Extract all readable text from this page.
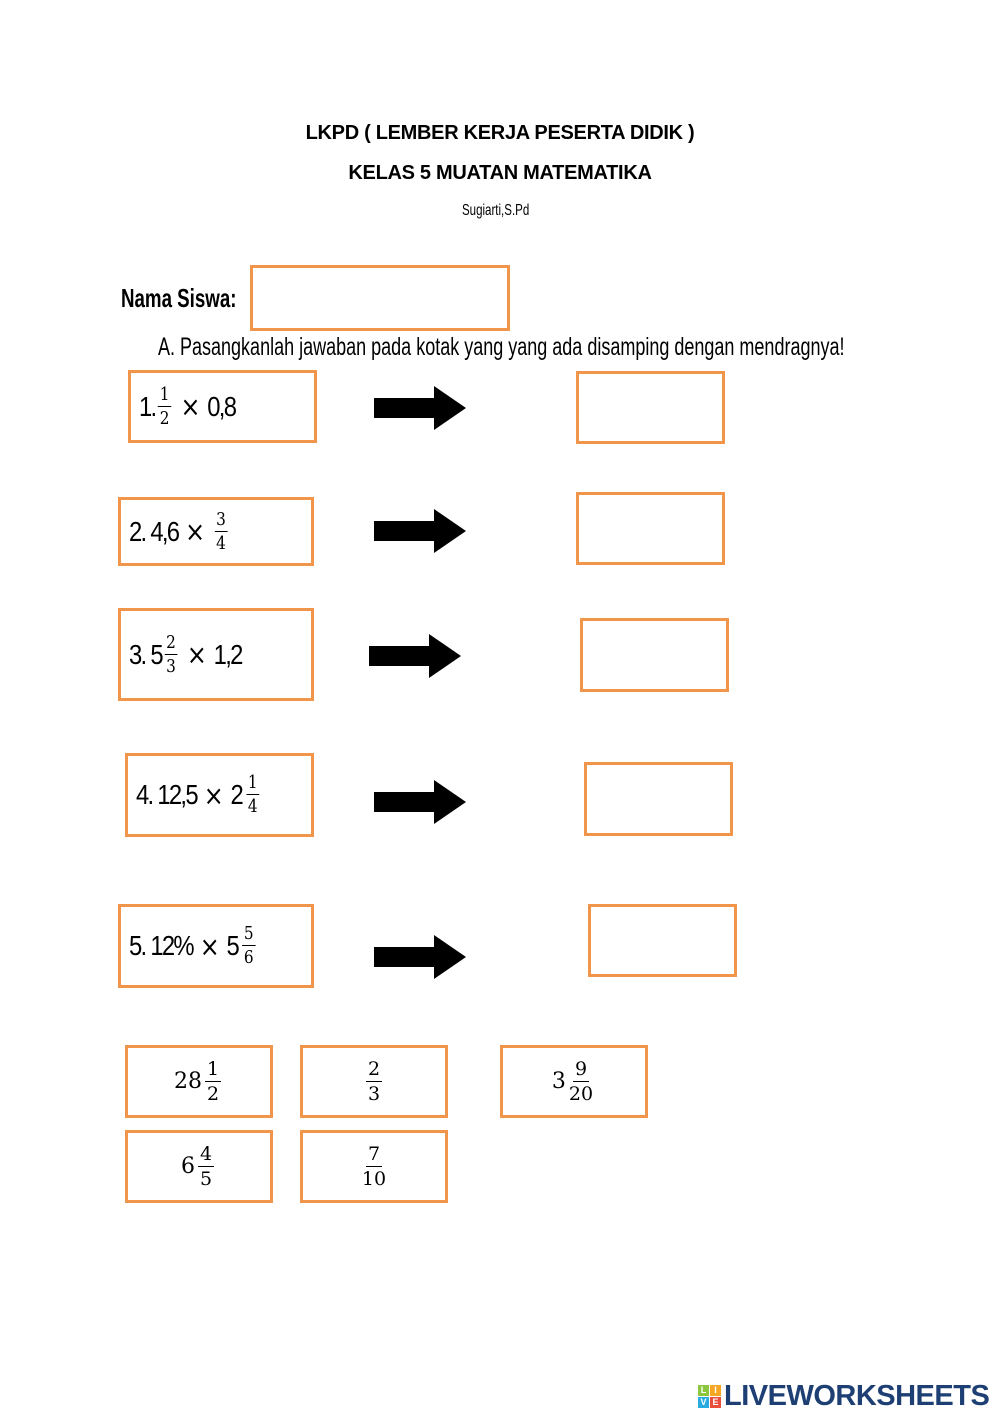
LKPD ( LEMBER KERJA PESERTA DIDIK )
KELAS 5 MUATAN MATEMATIKA
Sugiarti,S.Pd
Nama Siswa:
A. Pasangkanlah jawaban pada kotak yang yang ada disamping dengan mendragnya!
1. $\frac{1}{2} \times 0,8$
2. $4,6 \times \frac{3}{4}$
3. $5 \frac{2}{3} \times 1,2$
4. $12,5 \times 2 \frac{1}{4}$
5. $12\% \times 5 \frac{5}{6}$
$28 \frac{1}{2}$	$\frac{2}{3}$	$3 \frac{9}{20}$
$6 \frac{4}{5}$	$\frac{7}{10}$
L I
V E LIVEWORKSHEETS
